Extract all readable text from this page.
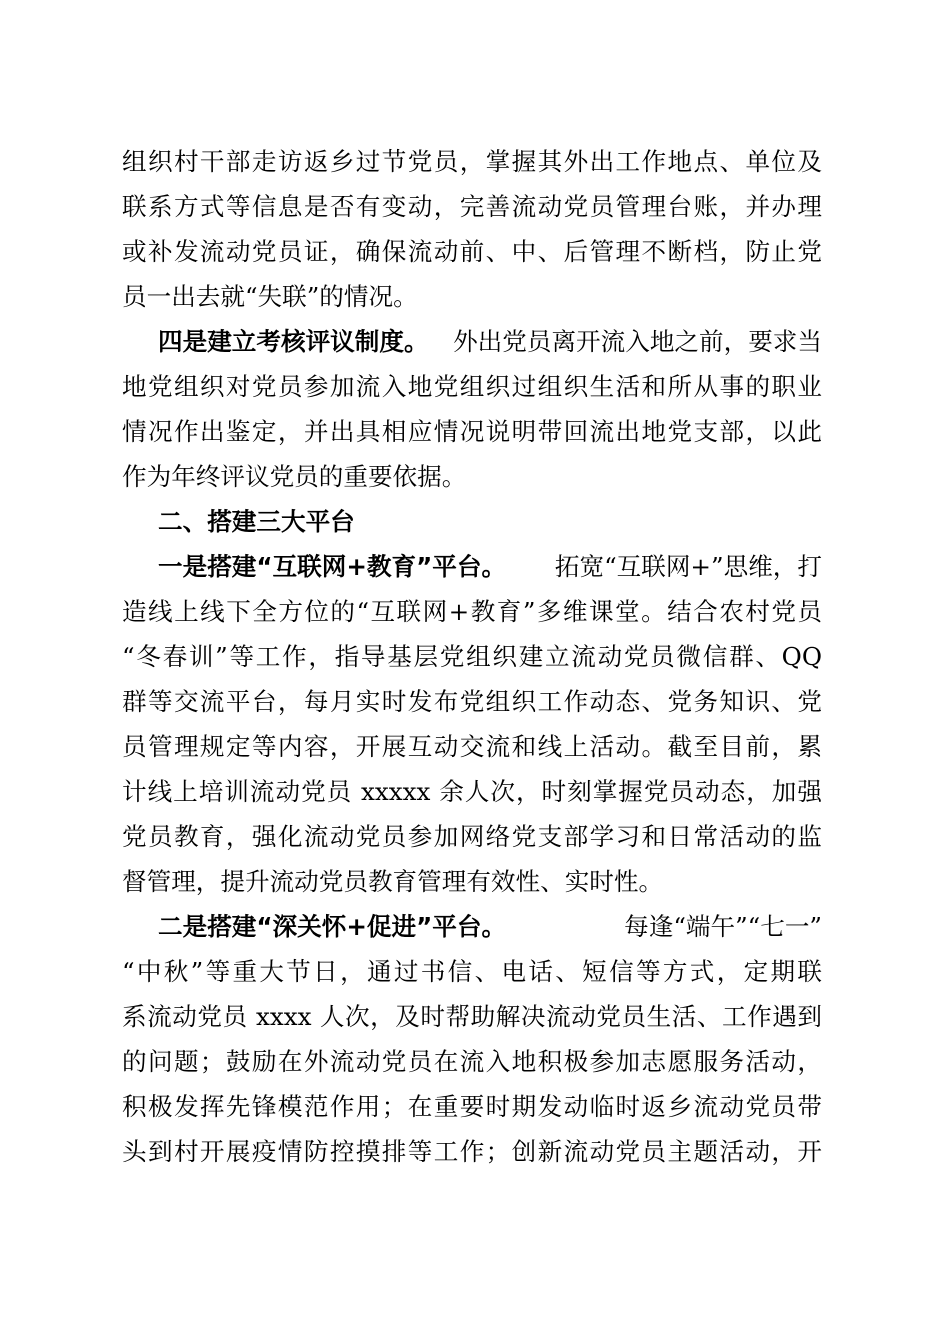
组织村干部走访返乡过节党员，掌握其外出工作地点、单位及
联系方式等信息是否有变动，完善流动党员管理台账，并办理
或补发流动党员证，确保流动前、中、后管理不断档，防止党
员一出去就“失联”的情况。
四是建立考核评议制度。 外出党员离开流入地之前，要求当
地党组织对党员参加流入地党组织过组织生活和所从事的职业
情况作出鉴定，并出具相应情况说明带回流出地党支部，以此
作为年终评议党员的重要依据。
二、搭建三大平台
一是搭建“互联网+教育”平台。 拓宽“互联网+”思维，打
造线上线下全方位的“互联网+教育”多维课堂。结合农村党员
“冬春训”等工作，指导基层党组织建立流动党员微信群、QQ
群等交流平台，每月实时发布党组织工作动态、党务知识、党
员管理规定等内容，开展互动交流和线上活动。截至目前，累
计线上培训流动党员 xxxxx 余人次，时刻掌握党员动态，加强
党员教育，强化流动党员参加网络党支部学习和日常活动的监
督管理，提升流动党员教育管理有效性、实时性。
二是搭建“深关怀+促进”平台。	每逢“端午”“七一”
“中秋”等重大节日，通过书信、电话、短信等方式，定期联
系流动党员 xxxx 人次，及时帮助解决流动党员生活、工作遇到
的问题；鼓励在外流动党员在流入地积极参加志愿服务活动，
积极发挥先锋模范作用；在重要时期发动临时返乡流动党员带
头到村开展疫情防控摸排等工作；创新流动党员主题活动，开
